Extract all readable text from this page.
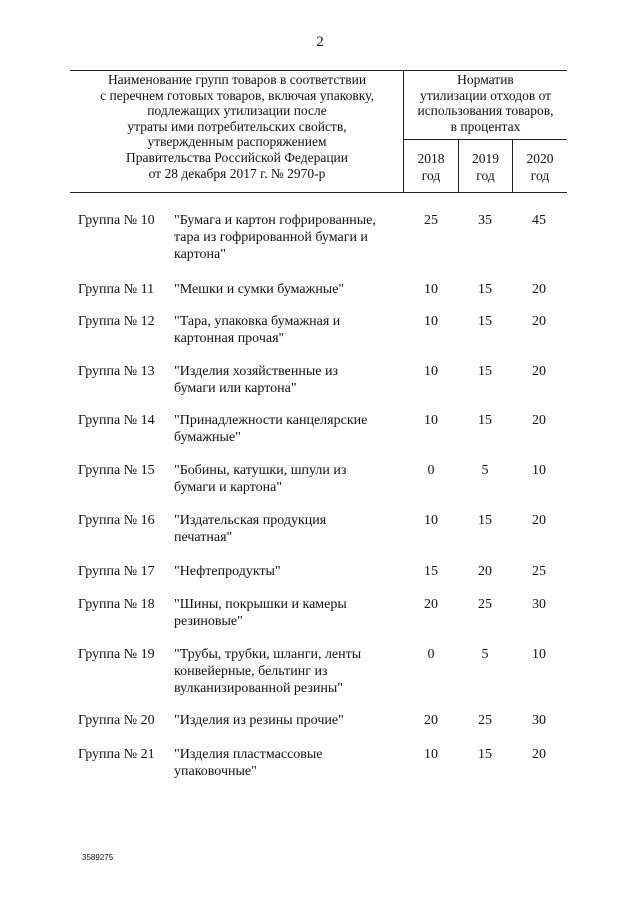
2
Наименование групп товаров в соответствии
с перечнем готовых товаров, включая упаковку,
подлежащих утилизации после
утраты ими потребительских свойств,
утвержденным распоряжением
Правительства Российской Федерации
от 28 декабря 2017 г. № 2970-р
Норматив
утилизации отходов от
использования товаров,
в процентах
2018
год
2019
год
2020
год
Группа № 10 "Бумага и картон гофрированные,
тара из гофрированной бумаги и
картона"
25	35	45
Группа № 11 "Мешки и сумки бумажные"	10	15	20
Группа № 12 "Тара, упаковка бумажная и
картонная прочая"
10	15	20
Группа № 13 "Изделия хозяйственные из
бумаги или картона"
10	15	20
Группа № 14 "Принадлежности канцелярские
бумажные"
10	15	20
Группа № 15 "Бобины, катушки, шпули из
бумаги и картона"
0	5	10
Группа № 16 "Издательская продукция
печатная"
10	15	20
Группа № 17 "Нефтепродукты"	15	20	25
Группа № 18 "Шины, покрышки и камеры
резиновые"
20	25	30
Группа № 19 "Трубы, трубки, шланги, ленты
конвейерные, бельтинг из
вулканизированной резины"
0	5	10
Группа № 20 "Изделия из резины прочие"	20	25	30
Группа № 21 "Изделия пластмассовые
упаковочные"
10	15	20
3589275
